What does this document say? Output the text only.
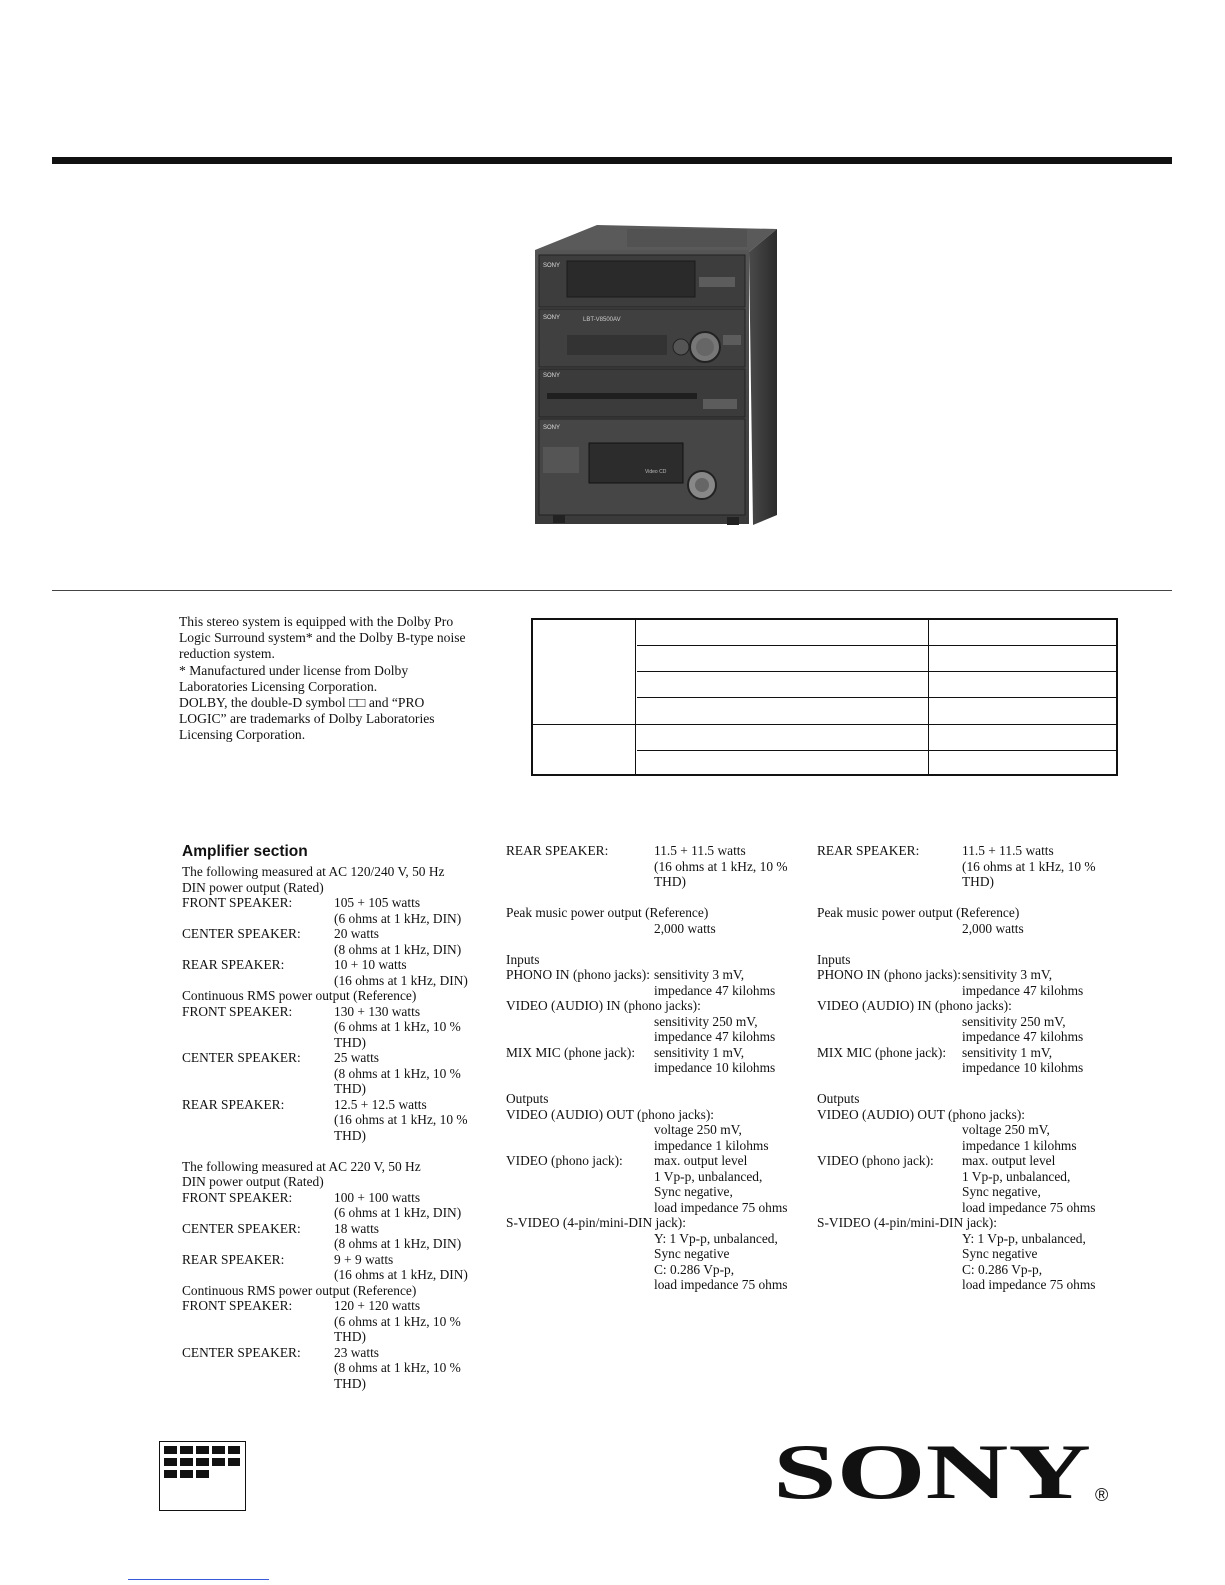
SONY
SONY	LBT-V8500AV
SONY
SONY
Video CD

This stereo system is equipped with the Dolby Pro

Logic Surround system* and the Dolby B-type noise

reduction system.

* Manufactured under license from Dolby

Laboratories Licensing Corporation.

DOLBY, the double-D symbol □□ and “PRO

LOGIC” are trademarks of Dolby Laboratories

Licensing Corporation.

Amplifier section
The following measured at AC 120/240 V, 50 Hz
DIN power output (Rated)
FRONT SPEAKER:	105 + 105 watts
(6 ohms at 1 kHz, DIN)
CENTER SPEAKER: 20 watts
(8 ohms at 1 kHz, DIN)
REAR SPEAKER:	10 + 10 watts
(16 ohms at 1 kHz, DIN)
Continuous RMS power output (Reference)
FRONT SPEAKER:	130 + 130 watts
(6 ohms at 1 kHz, 10 %
THD)
CENTER SPEAKER: 25 watts
(8 ohms at 1 kHz, 10 %
THD)
REAR SPEAKER:	12.5 + 12.5 watts
(16 ohms at 1 kHz, 10 %
THD)
The following measured at AC 220 V, 50 Hz
DIN power output (Rated)
FRONT SPEAKER:	100 + 100 watts
(6 ohms at 1 kHz, DIN)
CENTER SPEAKER: 18 watts
(8 ohms at 1 kHz, DIN)
REAR SPEAKER:	9 + 9 watts
(16 ohms at 1 kHz, DIN)
Continuous RMS power output (Reference)
FRONT SPEAKER:	120 + 120 watts
(6 ohms at 1 kHz, 10 %
THD)
CENTER SPEAKER: 23 watts
(8 ohms at 1 kHz, 10 %
THD)
REAR SPEAKER:	11.5 + 11.5 watts
(16 ohms at 1 kHz, 10 %
THD)
Peak music power output (Reference)
2,000 watts
Inputs
PHONO IN (phono jacks): sensitivity 3 mV,
impedance 47 kilohms
VIDEO (AUDIO) IN (phono jacks):
sensitivity 250 mV,
impedance 47 kilohms
MIX MIC (phone jack): sensitivity 1 mV,
impedance 10 kilohms
Outputs
VIDEO (AUDIO) OUT (phono jacks):
voltage 250 mV,
impedance 1 kilohms
VIDEO (phono jack): max. output level
1 Vp-p, unbalanced,
Sync negative,
load impedance 75 ohms
S-VIDEO (4-pin/mini-DIN jack):
Y: 1 Vp-p, unbalanced,
Sync negative
C: 0.286 Vp-p,
load impedance 75 ohms
REAR SPEAKER:	11.5 + 11.5 watts
(16 ohms at 1 kHz, 10 %
THD)
Peak music power output (Reference)
2,000 watts
Inputs
PHONO IN (phono jacks):sensitivity 3 mV,
impedance 47 kilohms
VIDEO (AUDIO) IN (phono jacks):
sensitivity 250 mV,
impedance 47 kilohms
MIX MIC (phone jack): sensitivity 1 mV,
impedance 10 kilohms
Outputs
VIDEO (AUDIO) OUT (phono jacks):
voltage 250 mV,
impedance 1 kilohms
VIDEO (phono jack): max. output level
1 Vp-p, unbalanced,
Sync negative,
load impedance 75 ohms
S-VIDEO (4-pin/mini-DIN jack):
Y: 1 Vp-p, unbalanced,
Sync negative
C: 0.286 Vp-p,
load impedance 75 ohms
SONY ®
